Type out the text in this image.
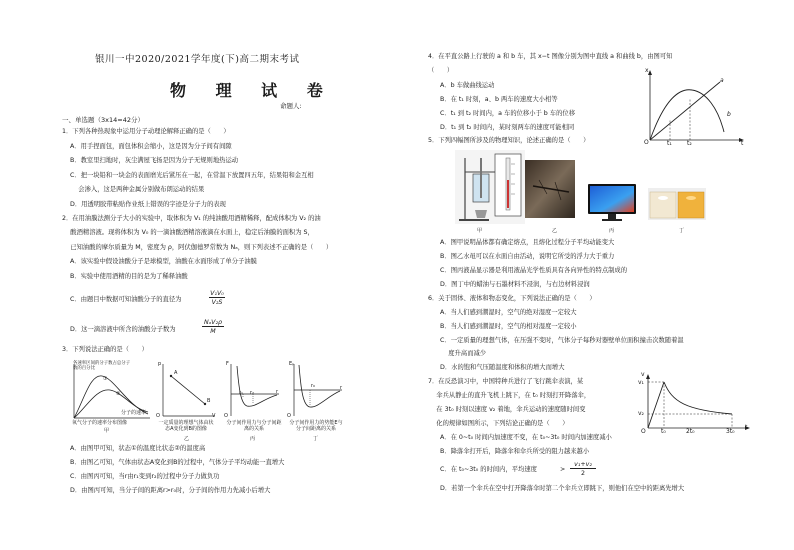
银川一中2020/2021学年度(下)高二期末考试
物 理 试 卷
命题人:
一、单选题（3x14=42分）
1．下列各种热现象中运用分子动理论解释正确的是（　　）
A．用手捏面包，面包体积会缩小，这是因为分子间有间隙
B．教室里扫地时，灰尘满屋飞扬是因为分子无规则地热运动
C．把一块铅和一块金的表面磨光后紧压在一起，在常温下放置四五年，结果铅和金互相
　 会渗入，这是两种金属分别做布朗运动的结果
D．用透明胶带粘贴作业纸上错误的字迹是分子力的表现
2．在用油膜法测分子大小的实验中，取体积为 V₁ 的纯油酸用酒精稀释，配成体积为 V₂ 的油
　 酸酒精溶液。现将体积为 V₀ 的一滴油酸酒精溶液滴在水面上，稳定后油膜的面积为 S，
　 已知油酸的摩尔质量为 M，密度为 ρ，阿伏伽德罗常数为 Nₐ，则下列表述不正确的是（　　）
A．该实验中假设油酸分子是球模型，油酸在水面形成了单分子油膜
B．实验中使用酒精的目的是为了稀释油酸
C．由题目中数据可知油酸分子的直径为
V₁V₀
V₂S
D．这一滴溶液中所含的油酸分子数为
NₐV₂ρ
M
3．下列说法正确的是（　　）
各速率区间的分子数占总分子数的百分比
①
②
分子的速率
氧气分子的速率分布图像
甲
p
A
B
O	V
一定质量的理想气体由状态A变化到B的图像
乙
F
r₁ r₂	r
O
分子间作用力与分子间距离的关系
丙
Eₚ
r₀	r
O
分子间作用力的势能E与分子间距离的关系
丁
A．由图甲可知，状态①的温度比状态②的温度高
B．由图乙可知，气体由状态A变化到B的过程中，气体分子平均动能一直增大
C．由图丙可知，当r由r₁变到r₂的过程中分子力做负功
D．由图丙可知，当分子间的距离r>r₀时，分子间的作用力先减小后增大
4．在平直公路上行驶的 a 和 b 车，其 x−t 图像分别为图中直线 a 和曲线 b，由图可知
（　　）
A．b 车做曲线运动
B．在 t₁ 时刻，a、b 两车的速度大小相等
C．t₁ 到 t₂ 时间内，a 车的位移小于 b 车的位移
D．t₁ 到 t₂ 时间内，某时刻两车的速度可能相同
5．下列四幅图所涉及的物理知识，论述正确的是（　　）
x
a
b
O	t₁	t₂	t
甲	乙	丙	丁
A．图甲说明晶体都有确定熔点，且熔化过程分子平均动能变大
B．图乙水黾可以在水面自由活动，说明它所受的浮力大于重力
C．图丙液晶显示器是利用液晶光学性质具有各向异性的特点制成的
D．图丁中的蜡油与石墨材料不浸润，与右边材料浸润
6．关于固体、液体和物态变化，下列说法正确的是（　　）
A．当人们感到潮湿时，空气的绝对湿度一定较大
B．当人们感到潮湿时，空气的相对湿度一定较小
C．一定质量的理想气体，在压强不变时，气体分子每秒对器壁单位面积撞击次数随着温
　 度升高而减少
D．水的饱和气压随温度和体积的增大而增大
7．在反恐演习中，中国特种兵进行了飞行跳伞表演，某
　 伞兵从静止的直升飞机上跳下，在 t₀ 时刻打开降落伞，
　 在 3t₀ 时刻以速度 v₂ 着地，伞兵运动的速度随时间变
　 化的规律如图所示，下列结论正确的是（　　）
A．在 0~t₀ 时间内加速度不变，在 t₀~3t₀ 时间内加速度减小
B．降落伞打开后，降落伞和伞兵所受的阻力越来越小
C．在 t₀~3t₀ 的时间内，平均速度
v₁+v₂
2
>
D．若第一个伞兵在空中打开降落伞时第二个伞兵立即跳下，则他们在空中的距离先增大
v
v₁
v₂
O	t₀	2t₀	3t₀
t
